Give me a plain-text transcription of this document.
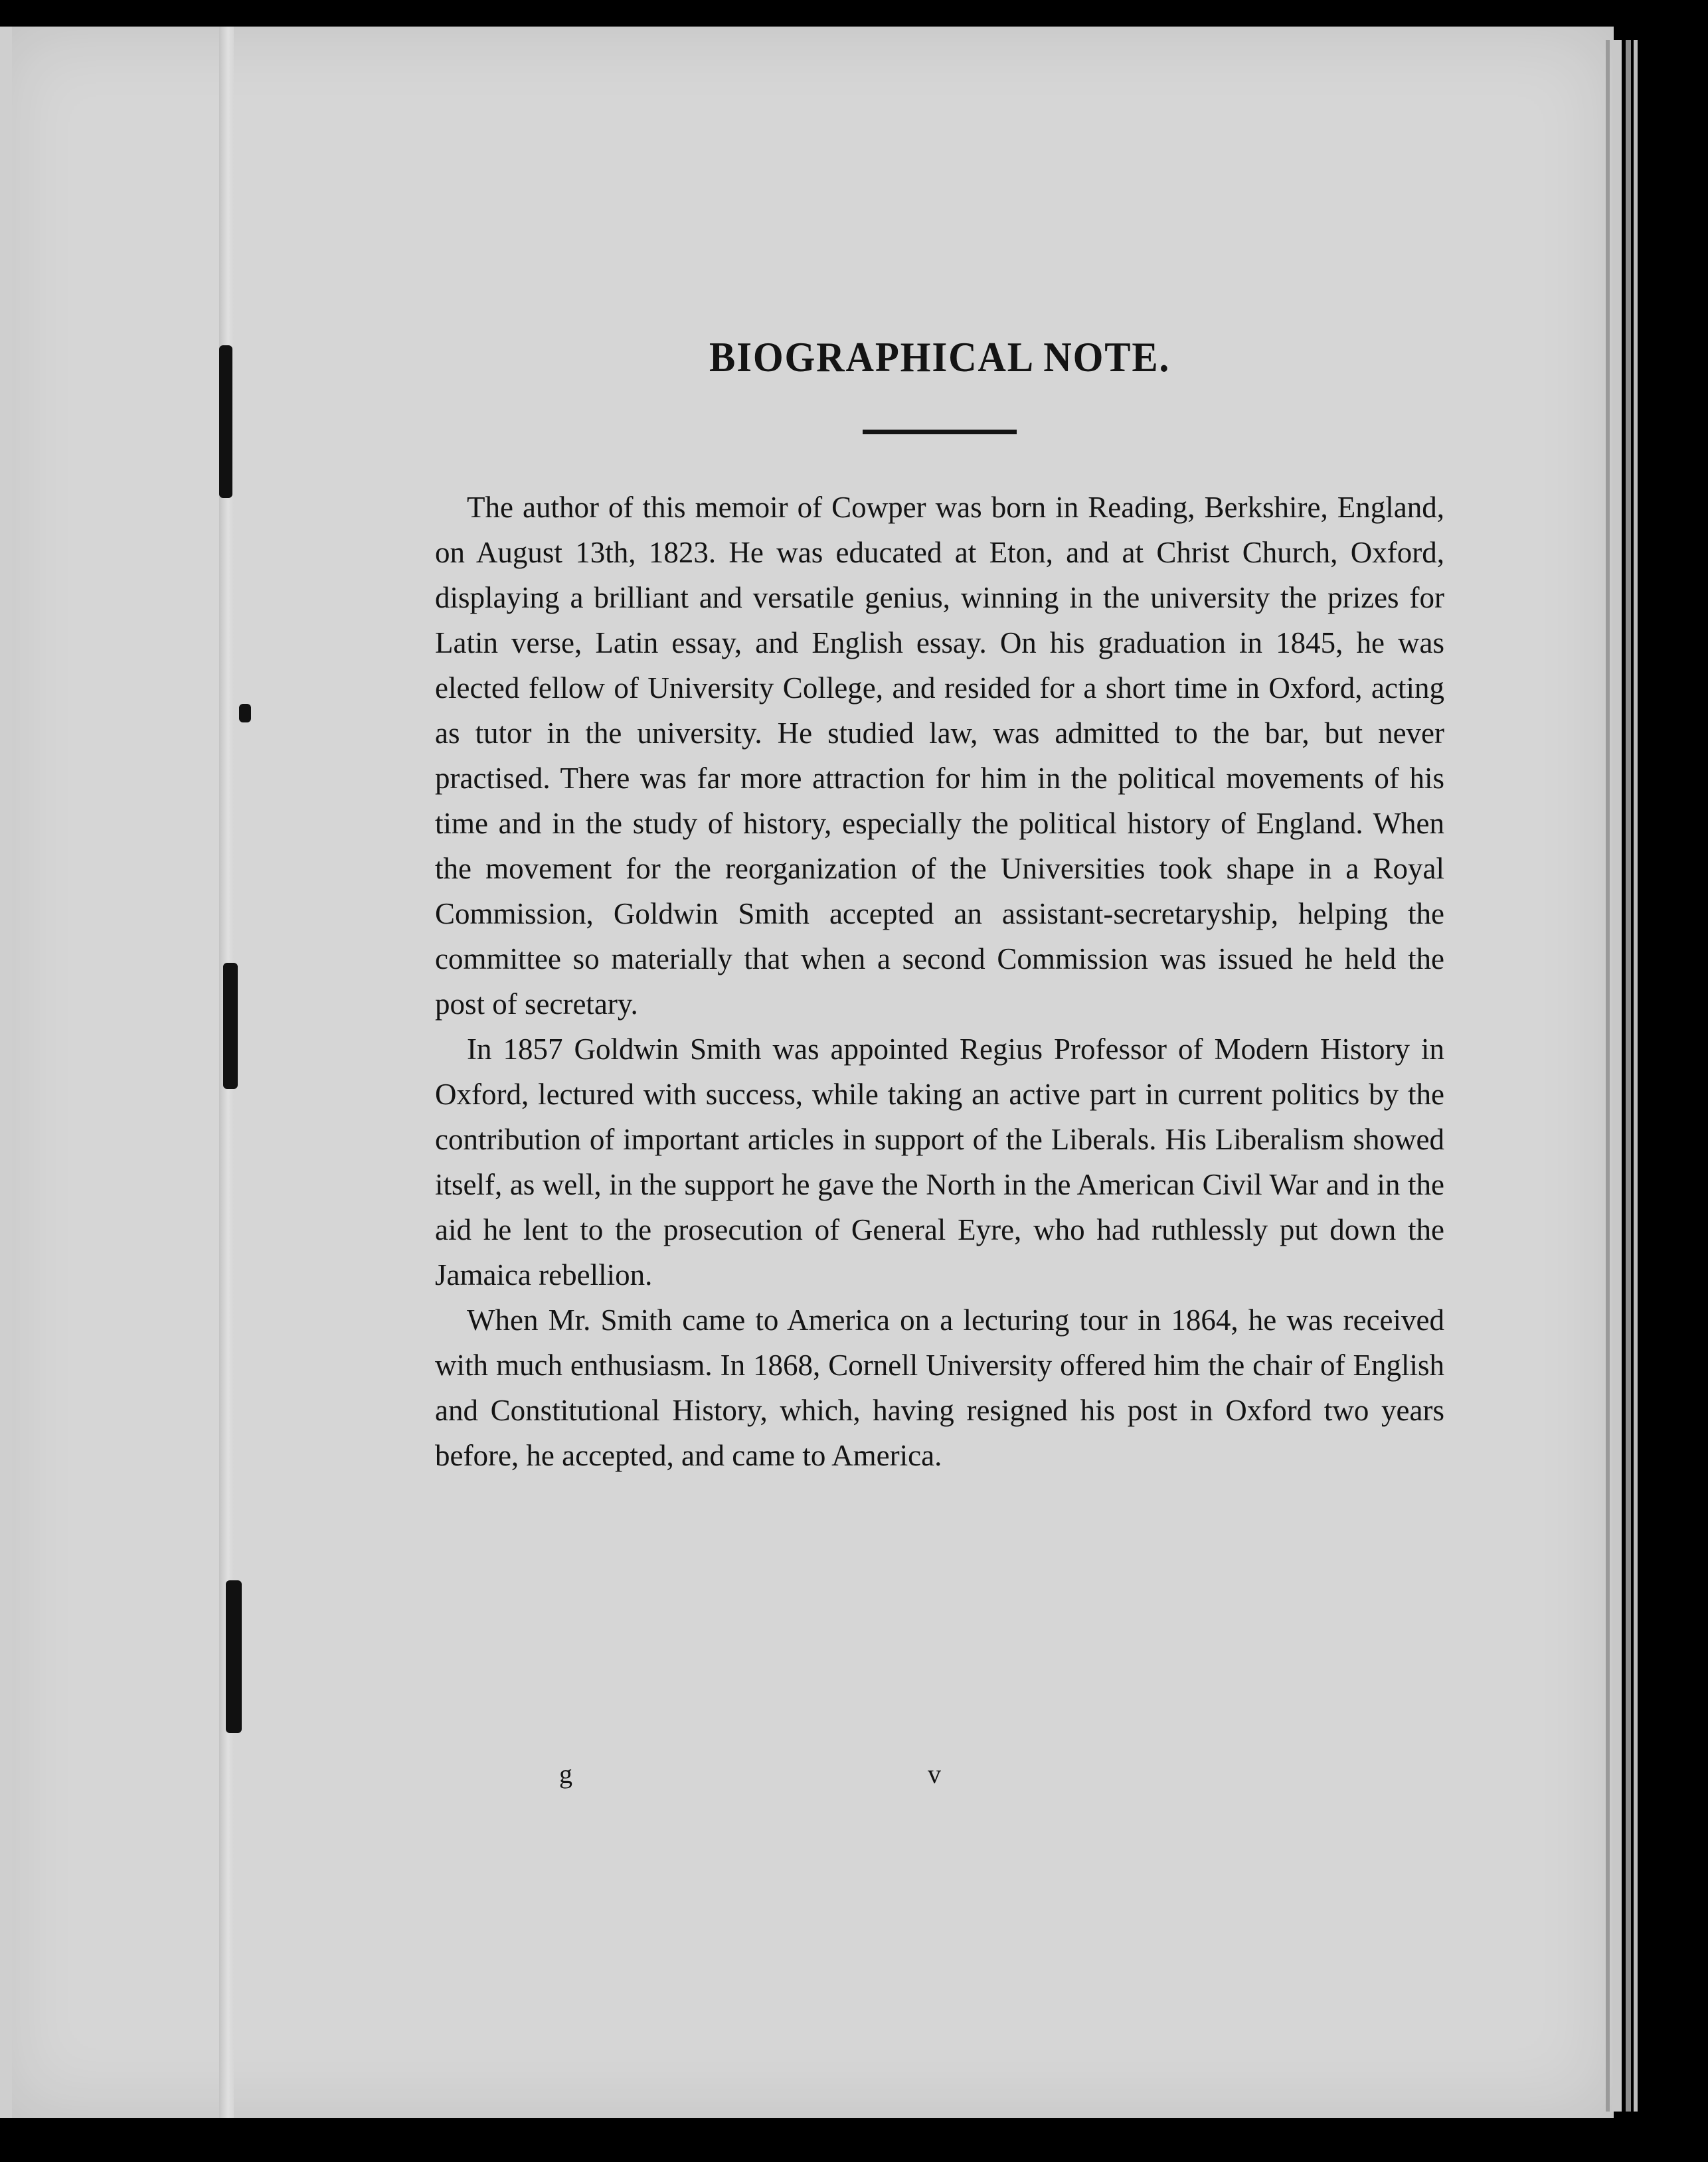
BIOGRAPHICAL NOTE.

The author of this memoir of Cowper was born in Reading, Berkshire, England, on August 13th, 1823. He was educated at Eton, and at Christ Church, Oxford, displaying a brilliant and versatile genius, winning in the university the prizes for Latin verse, Latin essay, and English essay. On his graduation in 1845, he was elected fellow of University College, and resided for a short time in Oxford, acting as tutor in the university. He studied law, was admitted to the bar, but never practised. There was far more attraction for him in the political movements of his time and in the study of history, especially the political history of England. When the movement for the reorganization of the Universities took shape in a Royal Commission, Goldwin Smith accepted an assistant-secretaryship, helping the committee so materially that when a second Commission was issued he held the post of secretary.

In 1857 Goldwin Smith was appointed Regius Professor of Modern History in Oxford, lectured with success, while taking an active part in current politics by the contribution of important articles in support of the Liberals. His Liberalism showed itself, as well, in the support he gave the North in the American Civil War and in the aid he lent to the prosecution of General Eyre, who had ruthlessly put down the Jamaica rebellion.

When Mr. Smith came to America on a lecturing tour in 1864, he was received with much enthusiasm. In 1868, Cornell University offered him the chair of English and Constitutional History, which, having resigned his post in Oxford two years before, he accepted, and came to America.

g	v
